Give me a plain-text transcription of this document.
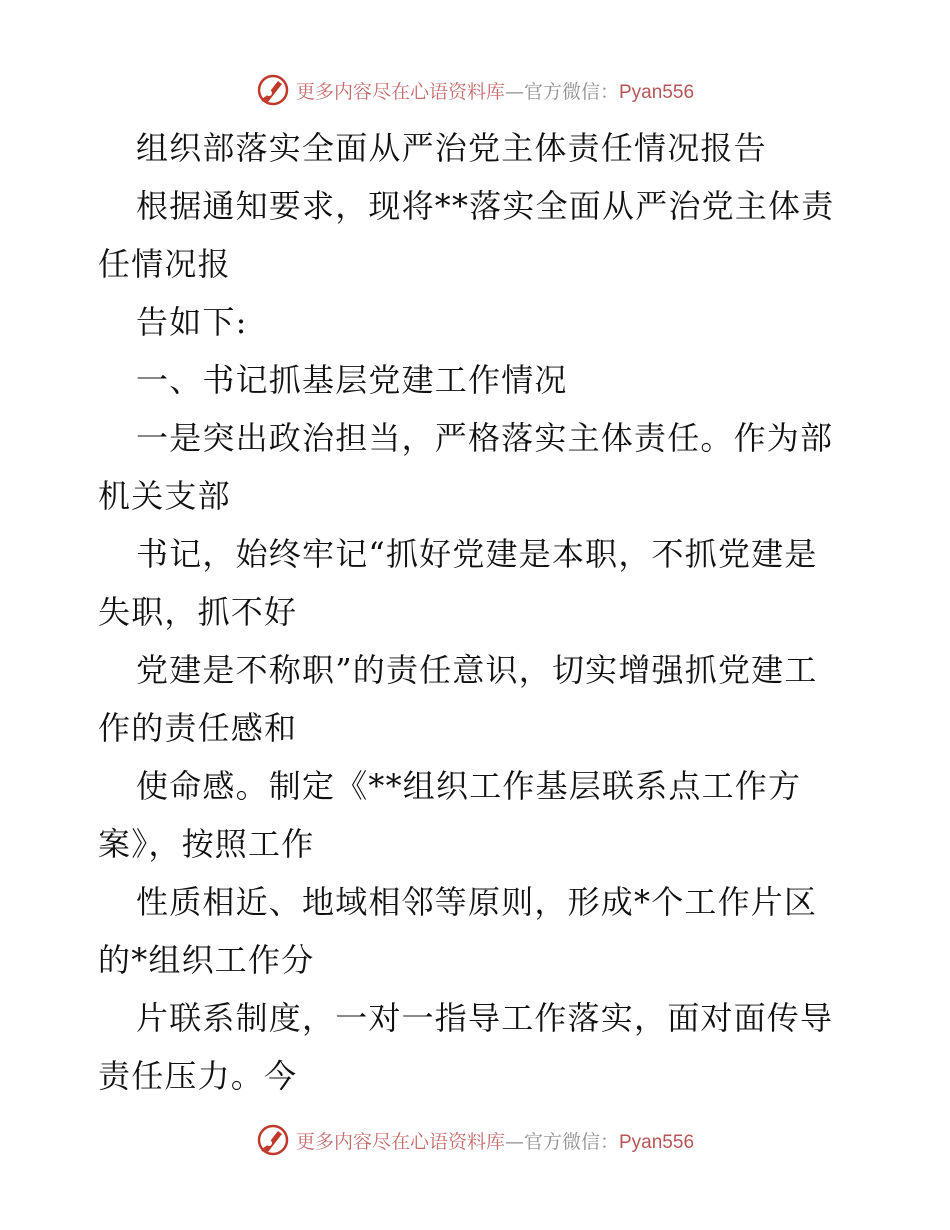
更多内容尽在心语资料库—官方微信：Pyan556
组织部落实全面从严治党主体责任情况报告
根据通知要求，现将**落实全面从严治党主体责
任情况报
告如下:
一、书记抓基层党建工作情况
一是突出政治担当，严格落实主体责任。作为部
机关支部
书记，始终牢记“抓好党建是本职，不抓党建是
失职，抓不好
党建是不称职”的责任意识，切实增强抓党建工
作的责任感和
使命感。制定《**组织工作基层联系点工作方
案》，按照工作
性质相近、地域相邻等原则，形成*个工作片区
的*组织工作分
片联系制度，一对一指导工作落实，面对面传导
责任压力。今
更多内容尽在心语资料库—官方微信：Pyan556
